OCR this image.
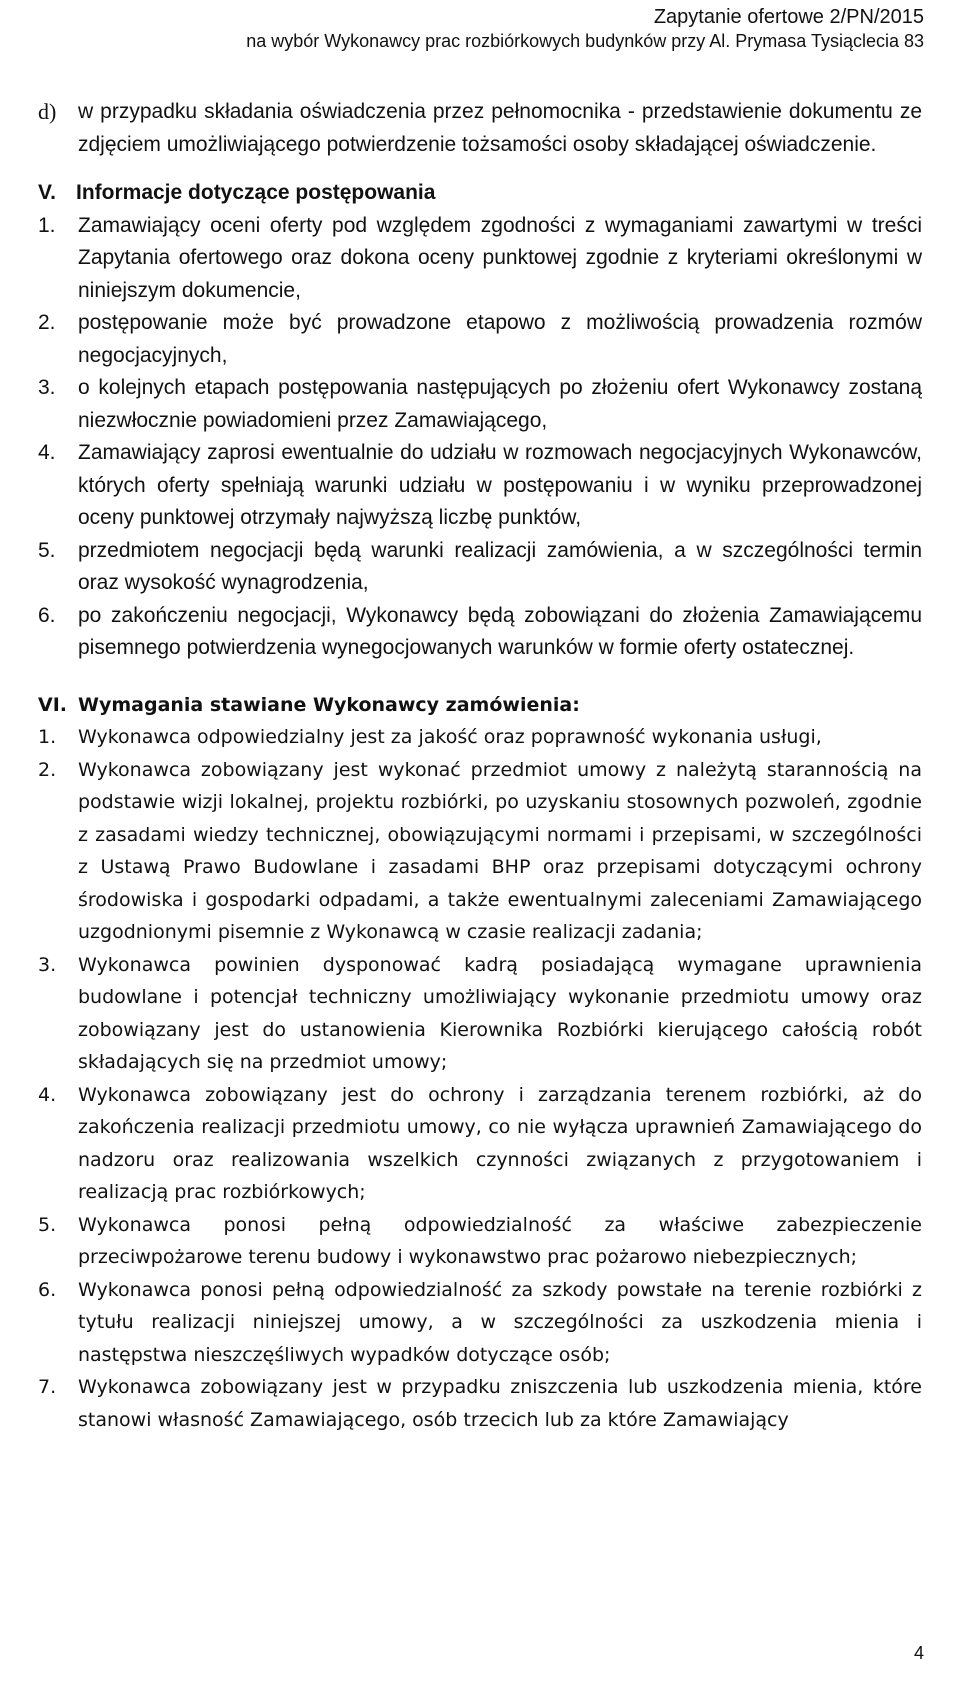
Zapytanie ofertowe 2/PN/2015
na wybór Wykonawcy prac rozbiórkowych budynków przy Al. Prymasa Tysiąclecia 83
d)	w przypadku składania oświadczenia przez pełnomocnika - przedstawienie dokumentu ze zdjęciem umożliwiającego potwierdzenie tożsamości osoby składającej oświadczenie.
V. Informacje dotyczące postępowania
1.	Zamawiający oceni oferty pod względem zgodności z wymaganiami zawartymi w treści Zapytania ofertowego oraz dokona oceny punktowej zgodnie z kryteriami określonymi w niniejszym dokumencie,
2.	postępowanie może być prowadzone etapowo z możliwością prowadzenia rozmów negocjacyjnych,
3.	o kolejnych etapach postępowania następujących po złożeniu ofert Wykonawcy zostaną niezwłocznie powiadomieni przez Zamawiającego,
4.	Zamawiający zaprosi ewentualnie do udziału w rozmowach negocjacyjnych Wykonawców, których oferty spełniają warunki udziału w postępowaniu i w wyniku przeprowadzonej oceny punktowej otrzymały najwyższą liczbę punktów,
5.	przedmiotem negocjacji będą warunki realizacji zamówienia, a w szczególności termin oraz wysokość wynagrodzenia,
6.	po zakończeniu negocjacji, Wykonawcy będą zobowiązani do złożenia Zamawiającemu pisemnego potwierdzenia wynegocjowanych warunków w formie oferty ostatecznej.
VI. Wymagania stawiane Wykonawcy zamówienia:
1.	Wykonawca odpowiedzialny jest za jakość oraz poprawność wykonania usługi,
2.	Wykonawca zobowiązany jest wykonać przedmiot umowy z należytą starannością na podstawie wizji lokalnej, projektu rozbiórki, po uzyskaniu stosownych pozwoleń, zgodnie z zasadami wiedzy technicznej, obowiązującymi normami i przepisami, w szczególności z Ustawą Prawo Budowlane i zasadami BHP oraz przepisami dotyczącymi ochrony środowiska i gospodarki odpadami, a także ewentualnymi zaleceniami Zamawiającego uzgodnionymi pisemnie z Wykonawcą w czasie realizacji zadania;
3.	Wykonawca powinien dysponować kadrą posiadającą wymagane uprawnienia budowlane i potencjał techniczny umożliwiający wykonanie przedmiotu umowy oraz zobowiązany jest do ustanowienia Kierownika Rozbiórki kierującego całością robót składających się na przedmiot umowy;
4.	Wykonawca zobowiązany jest do ochrony i zarządzania terenem rozbiórki, aż do zakończenia realizacji przedmiotu umowy, co nie wyłącza uprawnień Zamawiającego do nadzoru oraz realizowania wszelkich czynności związanych z przygotowaniem i realizacją prac rozbiórkowych;
5.	Wykonawca ponosi pełną odpowiedzialność za właściwe zabezpieczenie przeciwpożarowe terenu budowy i wykonawstwo prac pożarowo niebezpiecznych;
6.	Wykonawca ponosi pełną odpowiedzialność za szkody powstałe na terenie rozbiórki z tytułu realizacji niniejszej umowy, a w szczególności za uszkodzenia mienia i następstwa nieszczęśliwych wypadków dotyczące osób;
7.	Wykonawca zobowiązany jest w przypadku zniszczenia lub uszkodzenia mienia, które stanowi własność Zamawiającego, osób trzecich lub za które Zamawiający
4
